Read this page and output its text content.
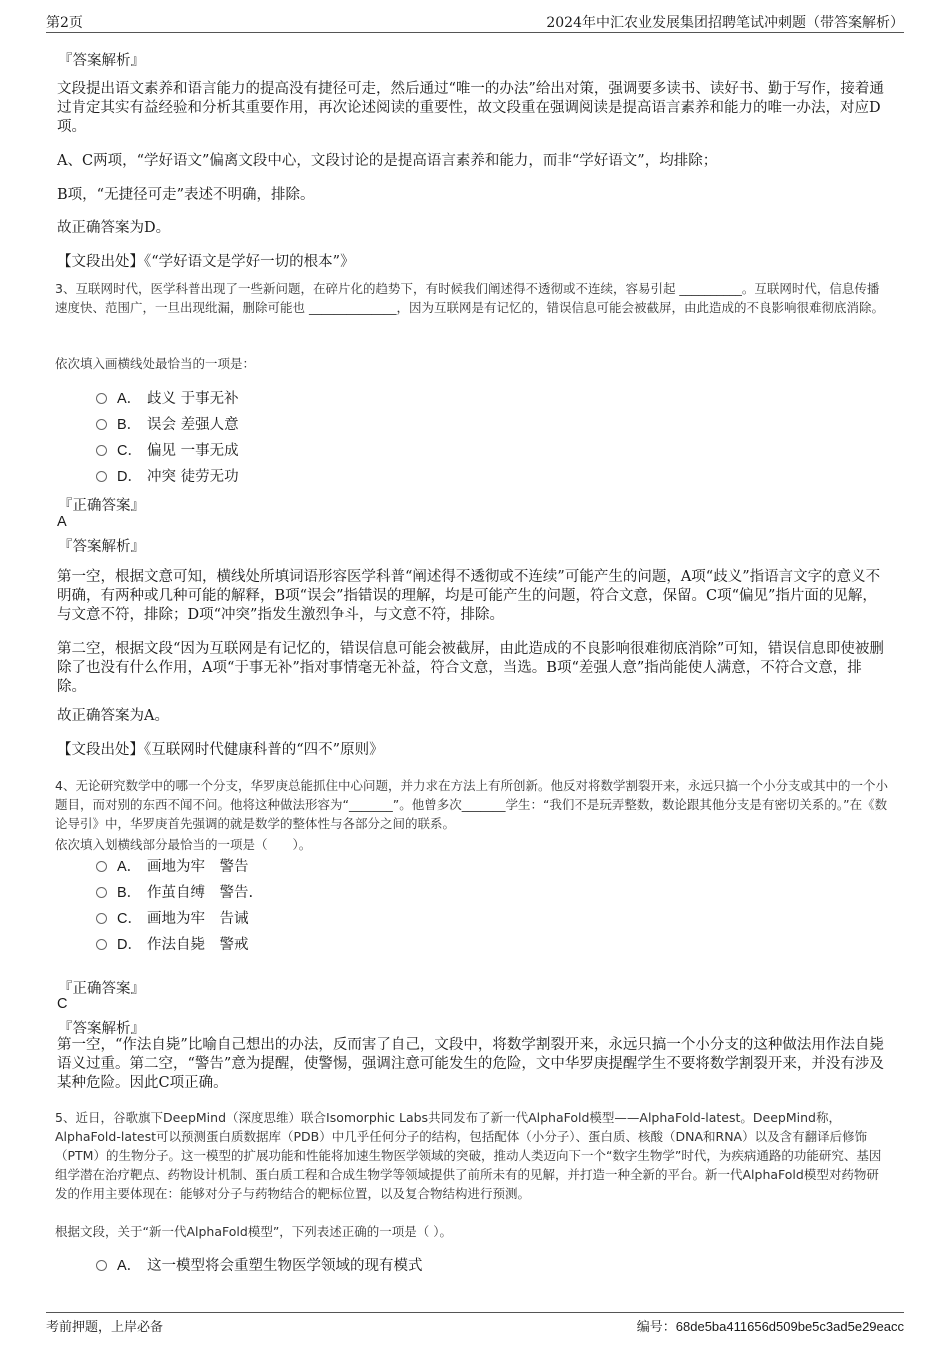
第2页	2024年中汇农业发展集团招聘笔试冲刺题（带答案解析）
『答案解析』
文段提出语文素养和语言能力的提高没有捷径可走，然后通过“唯一的办法”给出对策，强调要多读书、读好书、勤于写作，接着通过肯定其实有益经验和分析其重要作用，再次论述阅读的重要性，故文段重在强调阅读是提高语言素养和能力的唯一办法，对应D项。
A、C两项，“学好语文”偏离文段中心，文段讨论的是提高语言素养和能力，而非“学好语文”，均排除；
B项，“无捷径可走”表述不明确，排除。
故正确答案为D。
【文段出处】《“学好语文是学好一切的根本”》
3、互联网时代，医学科普出现了一些新问题，在碎片化的趋势下，有时候我们阐述得不透彻或不连续，容易引起 __________。互联网时代，信息传播速度快、范围广，一旦出现纰漏，删除可能也 ______________，因为互联网是有记忆的，错误信息可能会被截屏，由此造成的不良影响很难彻底消除。
依次填入画横线处最恰当的一项是：
A． 歧义 于事无补
B． 误会 差强人意
C． 偏见 一事无成
D． 冲突 徒劳无功
『正确答案』
A
『答案解析』
第一空，根据文意可知，横线处所填词语形容医学科普“阐述得不透彻或不连续”可能产生的问题，A项“歧义”指语言文字的意义不明确，有两种或几种可能的解释，B项“误会”指错误的理解，均是可能产生的问题，符合文意，保留。C项“偏见”指片面的见解，与文意不符，排除；D项“冲突”指发生激烈争斗，与文意不符，排除。
第二空，根据文段“因为互联网是有记忆的，错误信息可能会被截屏，由此造成的不良影响很难彻底消除”可知，错误信息即使被删除了也没有什么作用，A项“于事无补”指对事情毫无补益，符合文意，当选。B项“差强人意”指尚能使人满意，不符合文意，排除。
故正确答案为A。
【文段出处】《互联网时代健康科普的“四不”原则》
4、无论研究数学中的哪一个分支，华罗庚总能抓住中心问题，并力求在方法上有所创新。他反对将数学割裂开来，永远只搞一个小分支或其中的一个小题目，而对别的东西不闻不问。他将这种做法形容为“_______”。他曾多次_______学生：“我们不是玩弄整数，数论跟其他分支是有密切关系的。”在《数论导引》中，华罗庚首先强调的就是数学的整体性与各部分之间的联系。
依次填入划横线部分最恰当的一项是（　　）。
A． 画地为牢　警告
B． 作茧自缚　警告.
C． 画地为牢　告诫
D． 作法自毙　警戒
『正确答案』
C
『答案解析』
第一空，“作法自毙”比喻自己想出的办法，反而害了自己，文段中，将数学割裂开来，永远只搞一个小分支的这种做法用作法自毙语义过重。第二空，“警告”意为提醒，使警惕，强调注意可能发生的危险，文中华罗庚提醒学生不要将数学割裂开来，并没有涉及某种危险。因此C项正确。
5、近日，谷歌旗下DeepMind（深度思维）联合Isomorphic Labs共同发布了新一代AlphaFold模型——AlphaFold-latest。DeepMind称，AlphaFold-latest可以预测蛋白质数据库（PDB）中几乎任何分子的结构，包括配体（小分子）、蛋白质、核酸（DNA和RNA）以及含有翻译后修饰（PTM）的生物分子。这一模型的扩展功能和性能将加速生物医学领域的突破，推动人类迈向下一个“数字生物学”时代，为疾病通路的功能研究、基因组学潜在治疗靶点、药物设计机制、蛋白质工程和合成生物学等领域提供了前所未有的见解，并打造一种全新的平台。新一代AlphaFold模型对药物研发的作用主要体现在：能够对分子与药物结合的靶标位置，以及复合物结构进行预测。
根据文段，关于“新一代AlphaFold模型”，下列表述正确的一项是（ ）。
A． 这一模型将会重塑生物医学领域的现有模式
考前押题，上岸必备	编号：68de5ba411656d509be5c3ad5e29eacc
